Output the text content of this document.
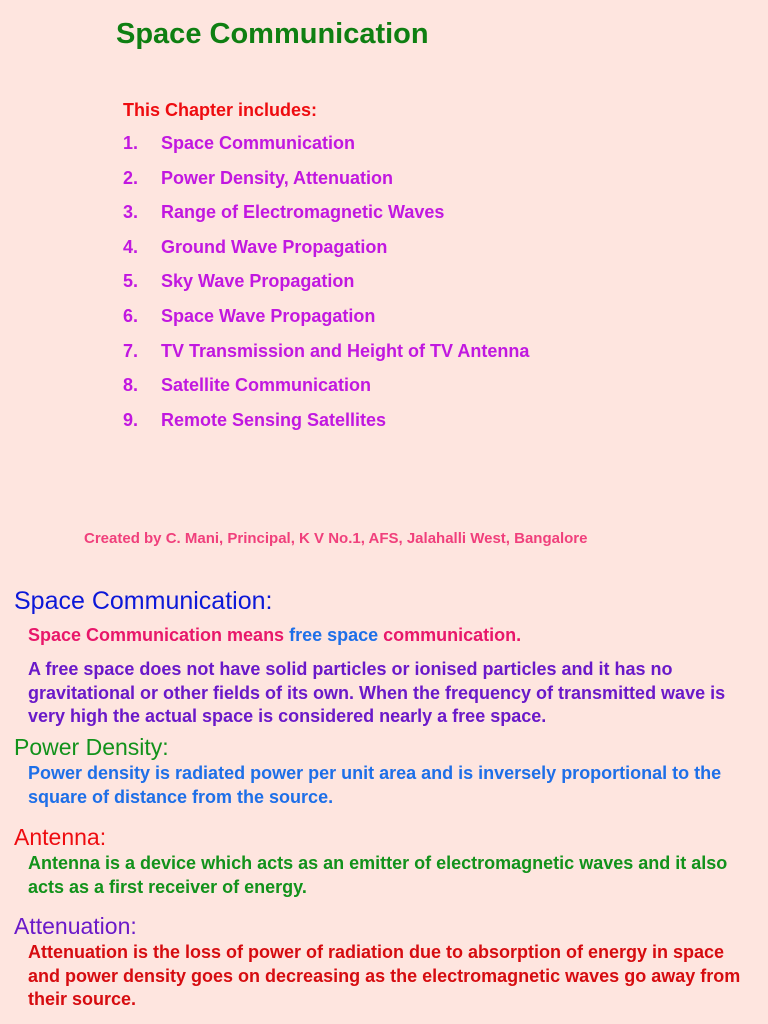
Space Communication
This Chapter includes:
1.	Space Communication
2.	Power Density, Attenuation
3.	Range of Electromagnetic Waves
4.	Ground Wave Propagation
5.	Sky Wave Propagation
6.	Space Wave Propagation
7.	TV Transmission and Height of TV Antenna
8.	Satellite Communication
9.	Remote Sensing Satellites
Created by C. Mani, Principal, K V No.1, AFS, Jalahalli West, Bangalore
Space Communication:
Space Communication means free space communication.
A free space does not have solid particles or ionised particles and it has no gravitational or other fields of its own. When the frequency of transmitted wave is very high the actual space is considered nearly a free space.
Power Density:
Power density is radiated power per unit area and is inversely proportional to the square of distance from the source.
Antenna:
Antenna is a device which acts as an emitter of electromagnetic waves and it also acts as a first receiver of energy.
Attenuation:
Attenuation is the loss of power of radiation due to absorption of energy in space and power density goes on decreasing as the electromagnetic waves go away from their source.
